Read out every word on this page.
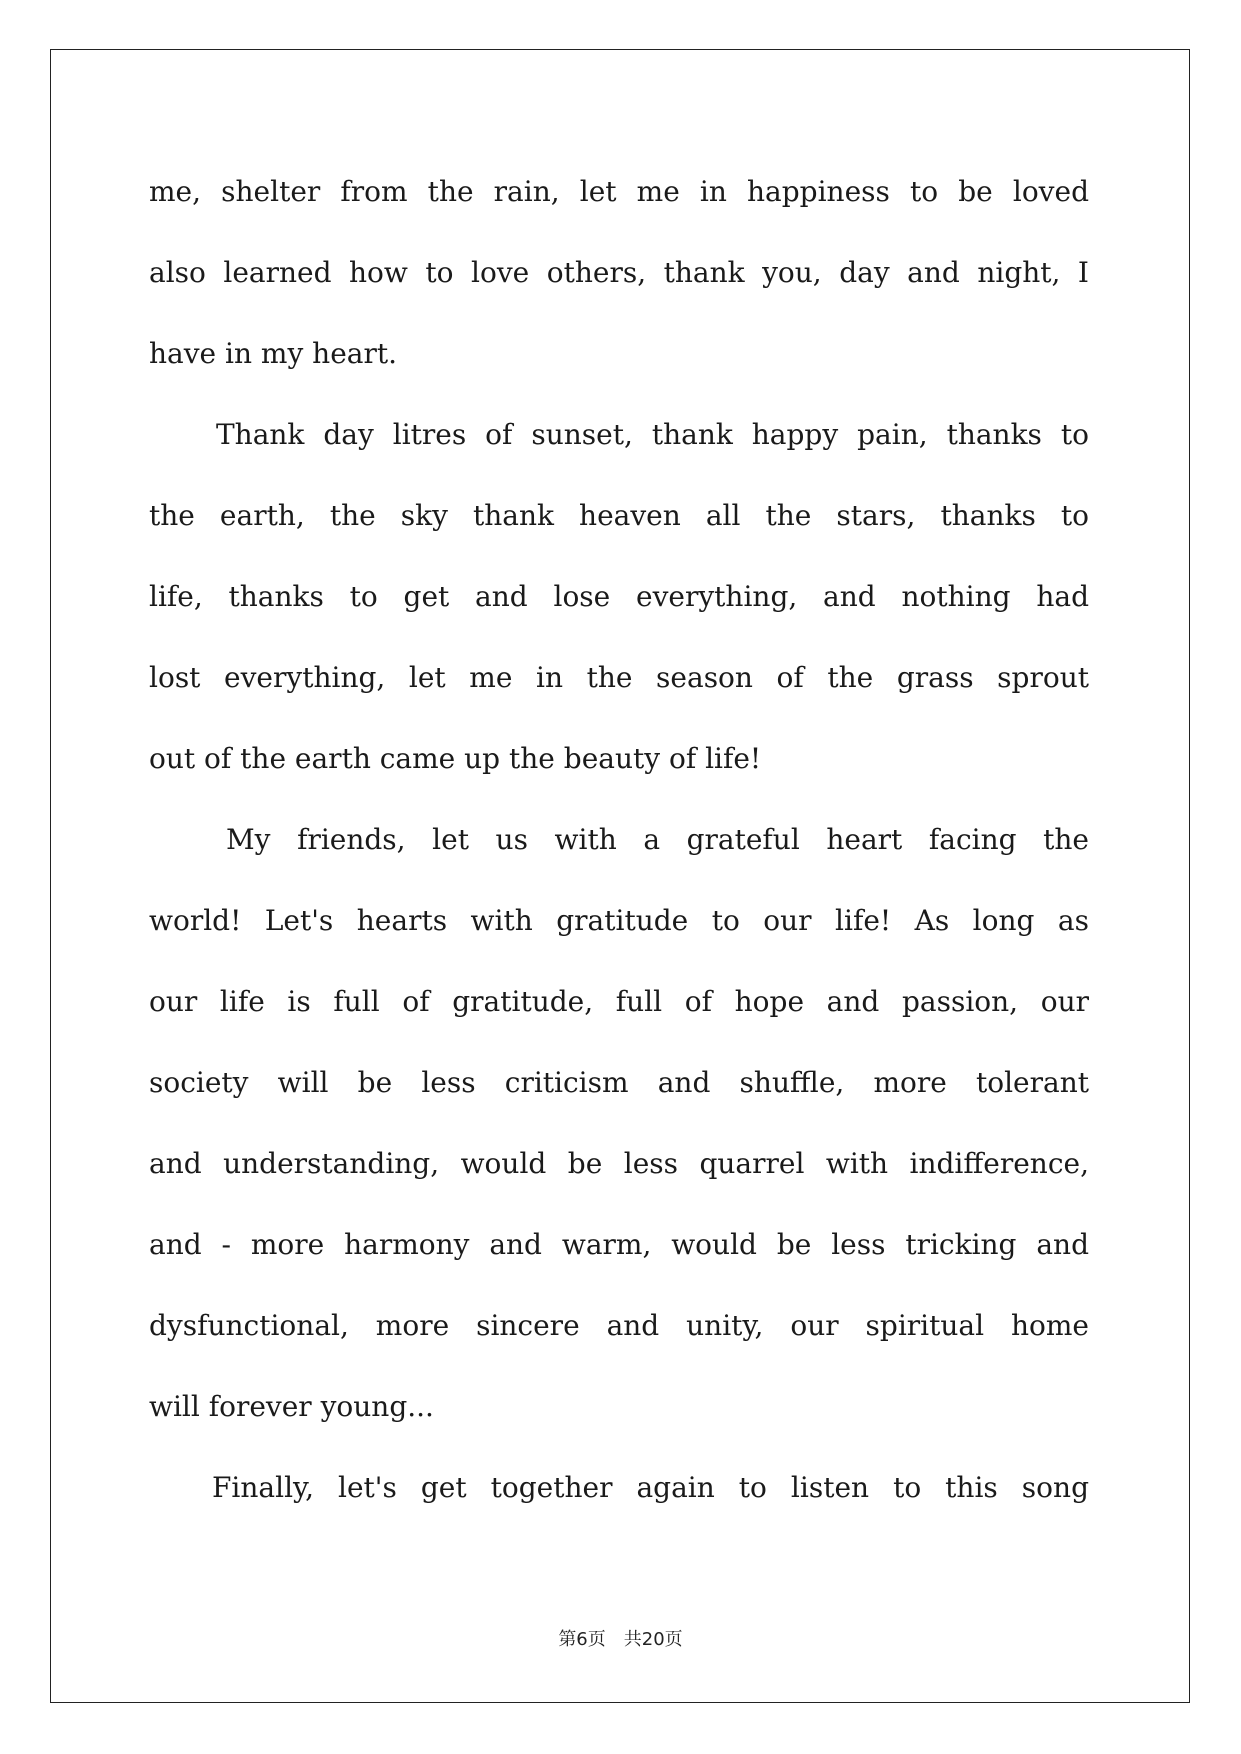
me, shelter from the rain, let me in happiness to be loved
also learned how to love others, thank you, day and night, I
have in my heart.
Thank day litres of sunset, thank happy pain, thanks to
the earth, the sky thank heaven all the stars, thanks to
life, thanks to get and lose everything, and nothing had
lost everything, let me in the season of the grass sprout
out of the earth came up the beauty of life!
My friends, let us with a grateful heart facing the
world! Let's hearts with gratitude to our life! As long as
our life is full of gratitude, full of hope and passion, our
society will be less criticism and shuffle, more tolerant
and understanding, would be less quarrel with indifference,
and - more harmony and warm, would be less tricking and
dysfunctional, more sincere and unity, our spiritual home
will forever young...
Finally, let's get together again to listen to this song
第6页　共20页
